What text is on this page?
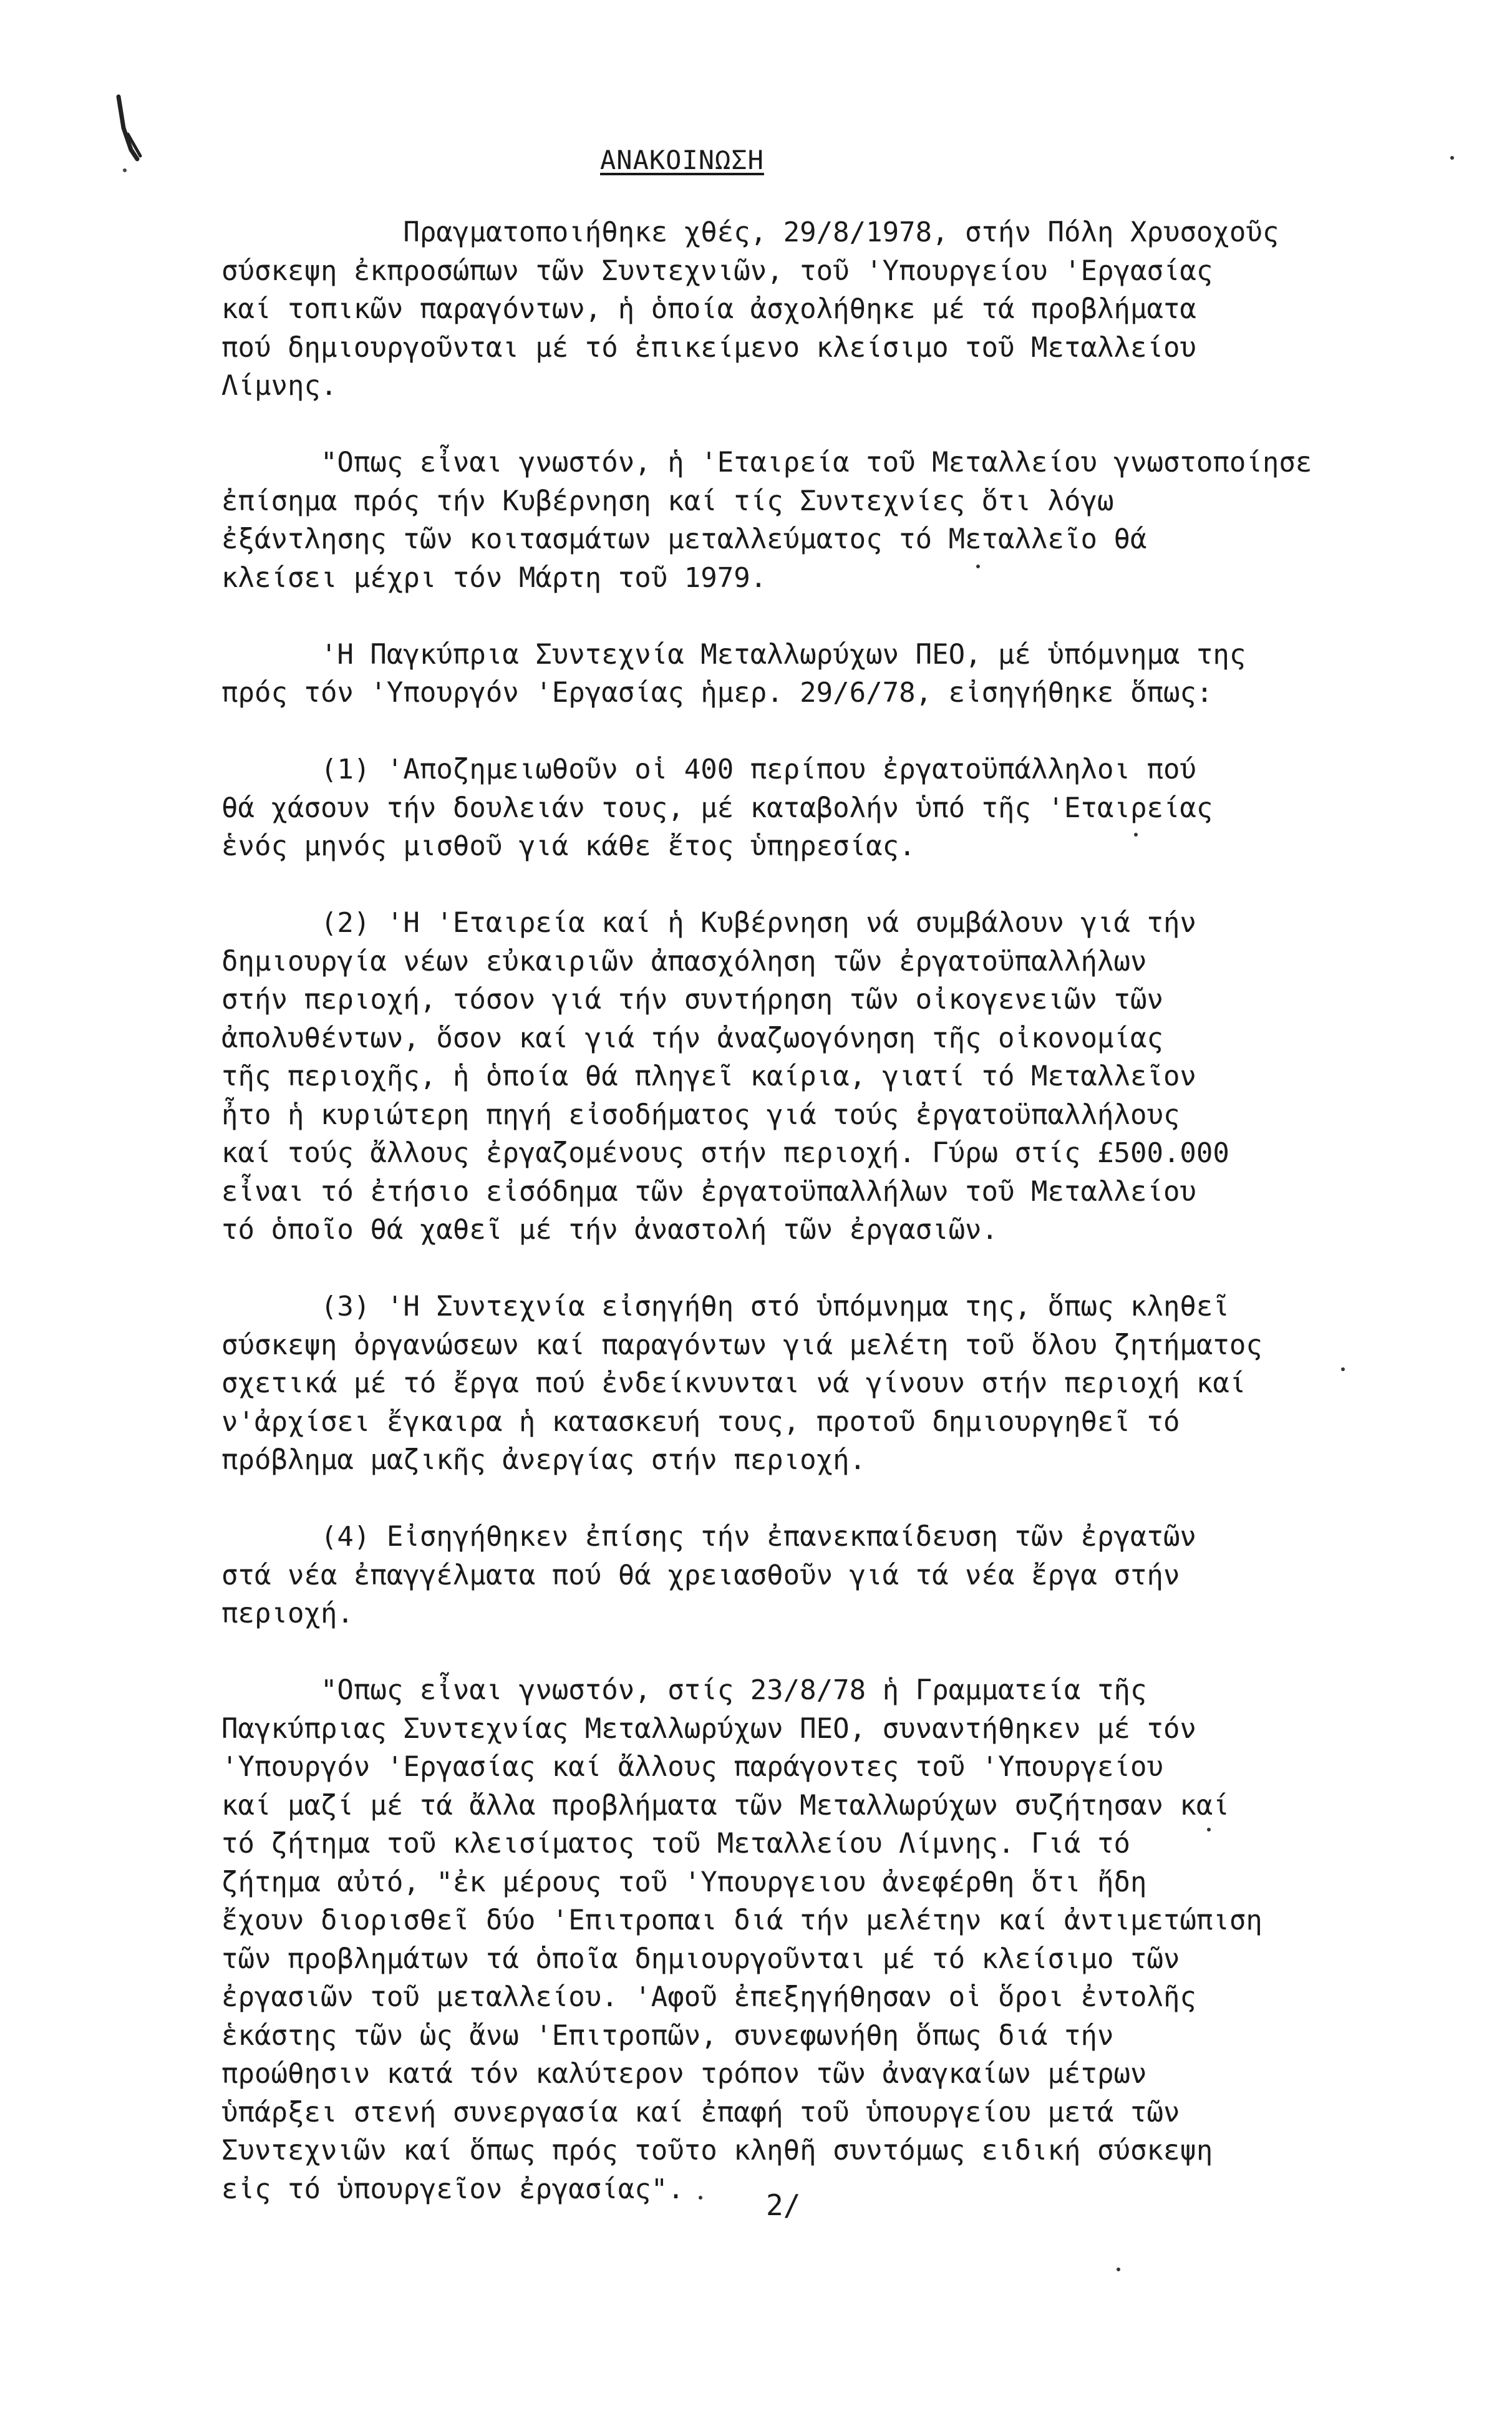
ΑΝΑΚΟΙΝΩΣΗ
Πραγματοποιήθηκε χθές, 29/8/1978, στήν Πόλη Χρυσοχοῦς
σύσκεψη ἐκπροσώπων τῶν Συντεχνιῶν, τοῦ 'Υπουργείου 'Εργασίας
καί τοπικῶν παραγόντων, ἡ ὁποία ἀσχολήθηκε μέ τά προβλήματα
πού δημιουργοῦνται μέ τό ἐπικείμενο κλείσιμο τοῦ Μεταλλείου
Λίμνης.
"Οπως εἶναι γνωστόν, ἡ 'Εταιρεία τοῦ Μεταλλείου γνωστοποίησε
ἐπίσημα πρός τήν Κυβέρνηση καί τίς Συντεχνίες ὅτι λόγω
ἐξάντλησης τῶν κοιτασμάτων μεταλλεύματος τό Μεταλλεῖο θά
κλείσει μέχρι τόν Μάρτη τοῦ 1979.
'Η Παγκύπρια Συντεχνία Μεταλλωρύχων ΠΕΟ, μέ ὑπόμνημα της
πρός τόν 'Υπουργόν 'Εργασίας ἡμερ. 29/6/78, εἰσηγήθηκε ὅπως:
(1) 'Αποζημειωθοῦν οἱ 400 περίπου ἐργατοϋπάλληλοι πού
θά χάσουν τήν δουλειάν τους, μέ καταβολήν ὑπό τῆς 'Εταιρείας
ἑνός μηνός μισθοῦ γιά κάθε ἔτος ὑπηρεσίας.
(2) 'Η 'Εταιρεία καί ἡ Κυβέρνηση νά συμβάλουν γιά τήν
δημιουργία νέων εὐκαιριῶν ἀπασχόληση τῶν ἐργατοϋπαλλήλων
στήν περιοχή, τόσον γιά τήν συντήρηση τῶν οἰκογενειῶν τῶν
ἀπολυθέντων, ὅσον καί γιά τήν ἀναζωογόνηση τῆς οἰκονομίας
τῆς περιοχῆς, ἡ ὁποία θά πληγεῖ καίρια, γιατί τό Μεταλλεῖον
ἦτο ἡ κυριώτερη πηγή εἰσοδήματος γιά τούς ἐργατοϋπαλλήλους
καί τούς ἄλλους ἐργαζομένους στήν περιοχή. Γύρω στίς £500.000
εἶναι τό ἐτήσιο εἰσόδημα τῶν ἐργατοϋπαλλήλων τοῦ Μεταλλείου
τό ὁποῖο θά χαθεῖ μέ τήν ἀναστολή τῶν ἐργασιῶν.
(3) 'Η Συντεχνία εἰσηγήθη στό ὑπόμνημα της, ὅπως κληθεῖ
σύσκεψη ὀργανώσεων καί παραγόντων γιά μελέτη τοῦ ὅλου ζητήματος
σχετικά μέ τό ἔργα πού ἐνδείκνυνται νά γίνουν στήν περιοχή καί
ν'ἀρχίσει ἔγκαιρα ἡ κατασκευή τους, προτοῦ δημιουργηθεῖ τό
πρόβλημα μαζικῆς ἀνεργίας στήν περιοχή.
(4) Εἰσηγήθηκεν ἐπίσης τήν ἐπανεκπαίδευση τῶν ἐργατῶν
στά νέα ἐπαγγέλματα πού θά χρειασθοῦν γιά τά νέα ἔργα στήν
περιοχή.
"Οπως εἶναι γνωστόν, στίς 23/8/78 ἡ Γραμματεία τῆς
Παγκύπριας Συντεχνίας Μεταλλωρύχων ΠΕΟ, συναντήθηκεν μέ τόν
'Υπουργόν 'Εργασίας καί ἄλλους παράγοντες τοῦ 'Υπουργείου
καί μαζί μέ τά ἄλλα προβλήματα τῶν Μεταλλωρύχων συζήτησαν καί
τό ζήτημα τοῦ κλεισίματος τοῦ Μεταλλείου Λίμνης. Γιά τό
ζήτημα αὐτό, "ἐκ μέρους τοῦ 'Υπουργειου ἀνεφέρθη ὅτι ἤδη
ἔχουν διορισθεῖ δύο 'Επιτροπαι διά τήν μελέτην καί ἀντιμετώπιση
τῶν προβλημάτων τά ὁποῖα δημιουργοῦνται μέ τό κλείσιμο τῶν
ἐργασιῶν τοῦ μεταλλείου. 'Αφοῦ ἐπεξηγήθησαν οἱ ὅροι ἐντολῆς
ἑκάστης τῶν ὡς ἄνω 'Επιτροπῶν, συνεφωνήθη ὅπως διά τήν
προώθησιν κατά τόν καλύτερον τρόπον τῶν ἀναγκαίων μέτρων
ὑπάρξει στενή συνεργασία καί ἐπαφή τοῦ ὑπουργείου μετά τῶν
Συντεχνιῶν καί ὅπως πρός τοῦτο κληθῆ συντόμως ειδική σύσκεψη
εἰς τό ὑπουργεῖον ἐργασίας".	2/
